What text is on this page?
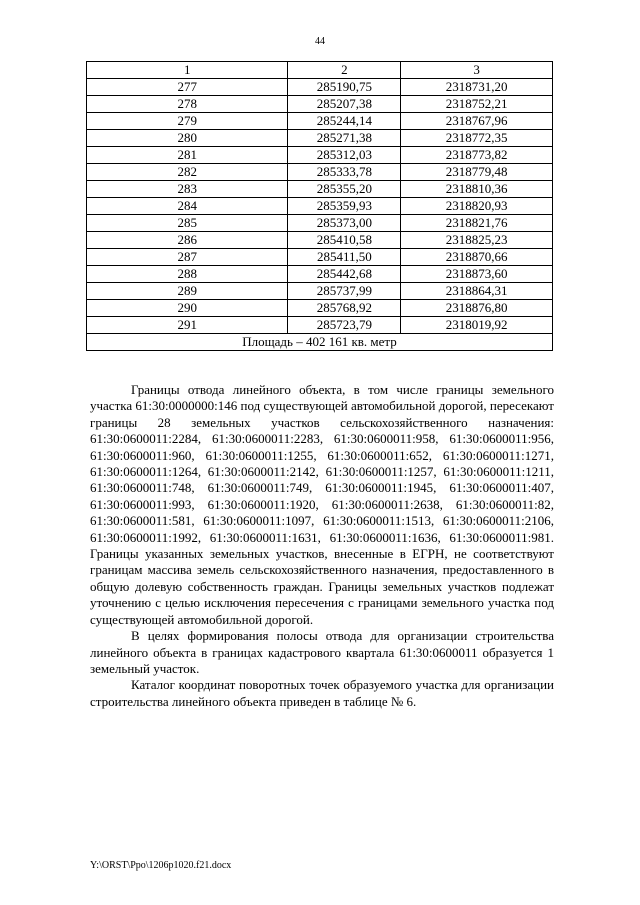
44
1	2	3
277	285190,75	2318731,20
278	285207,38	2318752,21
279	285244,14	2318767,96
280	285271,38	2318772,35
281	285312,03	2318773,82
282	285333,78	2318779,48
283	285355,20	2318810,36
284	285359,93	2318820,93
285	285373,00	2318821,76
286	285410,58	2318825,23
287	285411,50	2318870,66
288	285442,68	2318873,60
289	285737,99	2318864,31
290	285768,92	2318876,80
291	285723,79	2318019,92
Площадь – 402 161 кв. метр		

Границы отвода линейного объекта, в том числе границы земельного участка 61:30:0000000:146 под существующей автомобильной дорогой, пересекают границы 28 земельных участков сельскохозяйственного назначения: 61:30:0600011:2284, 61:30:0600011:2283, 61:30:0600011:958, 61:30:0600011:956, 61:30:0600011:960, 61:30:0600011:1255, 61:30:0600011:652, 61:30:0600011:1271, 61:30:0600011:1264, 61:30:0600011:2142, 61:30:0600011:1257, 61:30:0600011:1211, 61:30:0600011:748, 61:30:0600011:749, 61:30:0600011:1945, 61:30:0600011:407, 61:30:0600011:993, 61:30:0600011:1920, 61:30:0600011:2638, 61:30:0600011:82, 61:30:0600011:581, 61:30:0600011:1097, 61:30:0600011:1513, 61:30:0600011:2106, 61:30:0600011:1992, 61:30:0600011:1631, 61:30:0600011:1636, 61:30:0600011:981. Границы указанных земельных участков, внесенные в ЕГРН, не соответствуют границам массива земель сельскохозяйственного назначения, предоставленного в общую долевую собственность граждан. Границы земельных участков подлежат уточнению с целью исключения пересечения с границами земельного участка под существующей автомобильной дорогой.

В целях формирования полосы отвода для организации строительства линейного объекта в границах кадастрового квартала 61:30:0600011 образуется 1 земельный участок.

Каталог координат поворотных точек образуемого участка для организации строительства линейного объекта приведен в таблице № 6.

Y:\ORST\Ppo\1206p1020.f21.docx
